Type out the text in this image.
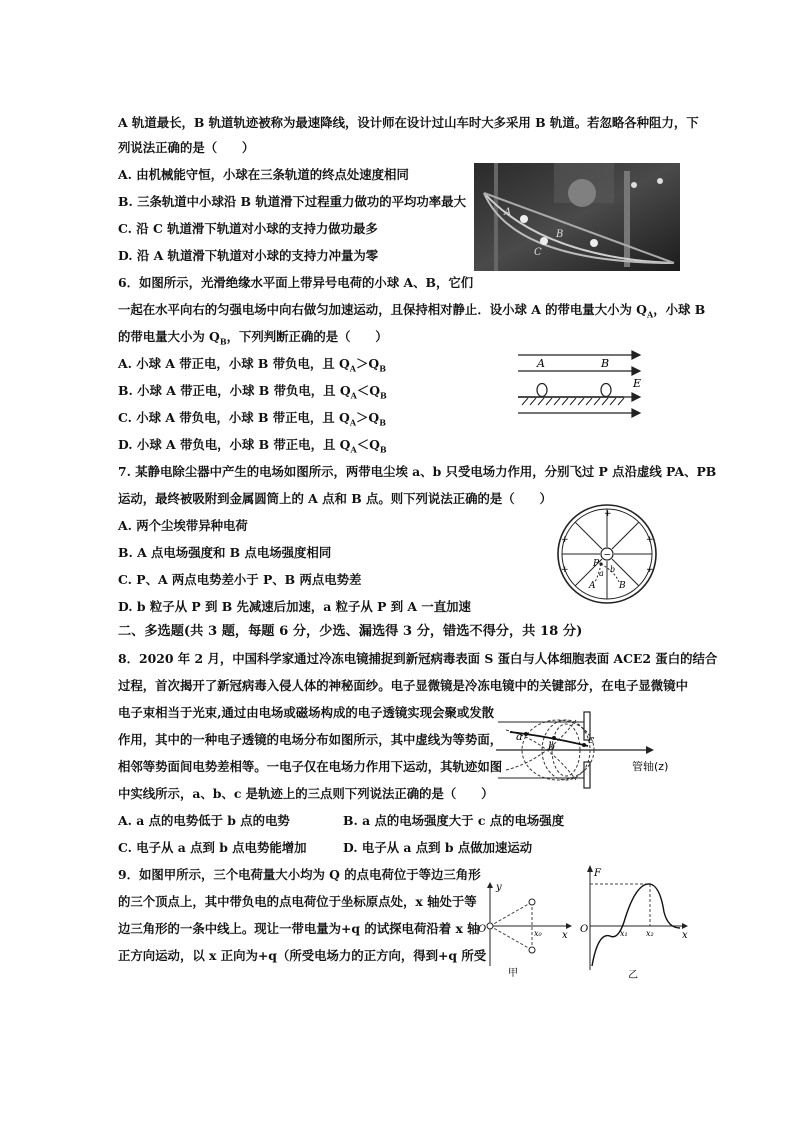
A 轨道最长，B 轨道轨迹被称为最速降线，设计师在设计过山车时大多采用 B 轨道。若忽略各种阻力，下
列说法正确的是（　　）
A. 由机械能守恒，小球在三条轨道的终点处速度相同
B. 三条轨道中小球沿 B 轨道滑下过程重力做功的平均功率最大
C. 沿 C 轨道滑下轨道对小球的支持力做功最多
D. 沿 A 轨道滑下轨道对小球的支持力冲量为零
A
B
C
6．如图所示，光滑绝缘水平面上带异号电荷的小球 A、B，它们
一起在水平向右的匀强电场中向右做匀加速运动，且保持相对静止．设小球 A 的带电量大小为 $Q_A$，小球 B
的带电量大小为 $Q_B$，下列判断正确的是（　　）
A. 小球 A 带正电，小球 B 带负电，且 $Q_A>Q_B$
B. 小球 A 带正电，小球 B 带负电，且 $Q_A<Q_B$
C. 小球 A 带负电，小球 B 带正电，且 $Q_A>Q_B$
D. 小球 A 带负电，小球 B 带正电，且 $Q_A<Q_B$
A	B
E
7. 某静电除尘器中产生的电场如图所示，两带电尘埃 a、b 只受电场力作用，分别飞过 P 点沿虚线 PA、PB
运动，最终被吸附到金属圆筒上的 A 点和 B 点。则下列说法正确的是（　　）
A. 两个尘埃带异种电荷
B. A 点电场强度和 B 点电场强度相同
C. P、A 两点电势差小于 P、B 两点电势差
D. b 粒子从 P 到 B 先减速后加速，a 粒子从 P 到 A 一直加速
−
+
+	+
+	+
P
a b
A	B
二、多选题(共 3 题，每题 6 分，少选、漏选得 3 分，错选不得分，共 18 分)
8．2020 年 2 月，中国科学家通过冷冻电镜捕捉到新冠病毒表面 S 蛋白与人体细胞表面 ACE2 蛋白的结合
过程，首次揭开了新冠病毒入侵人体的神秘面纱。电子显微镜是冷冻电镜中的关键部分，在电子显微镜中
电子束相当于光束,通过由电场或磁场构成的电子透镜实现会聚或发散
作用，其中的一种电子透镜的电场分布如图所示，其中虚线为等势面，
相邻等势面间电势差相等。一电子仅在电场力作用下运动，其轨迹如图
中实线所示，a、b、c 是轨迹上的三点则下列说法正确的是（　　）
A. a 点的电势低于 b 点的电势	B. a 点的电场强度大于 c 点的电场强度
C. 电子从 a 点到 b 点电势能增加	D. 电子从 a 点到 b 点做加速运动
a
b
c
管轴(z)
9．如图甲所示，三个电荷量大小均为 Q 的点电荷位于等边三角形
的三个顶点上，其中带负电的点电荷位于坐标原点处，x 轴处于等
边三角形的一条中线上。现让一带电量为+q 的试探电荷沿着 x 轴
正方向运动，以 x 正向为+q（所受电场力的正方向，得到+q 所受
y
x
O	x₀
甲
F
x
O	x₁ x₂
乙
